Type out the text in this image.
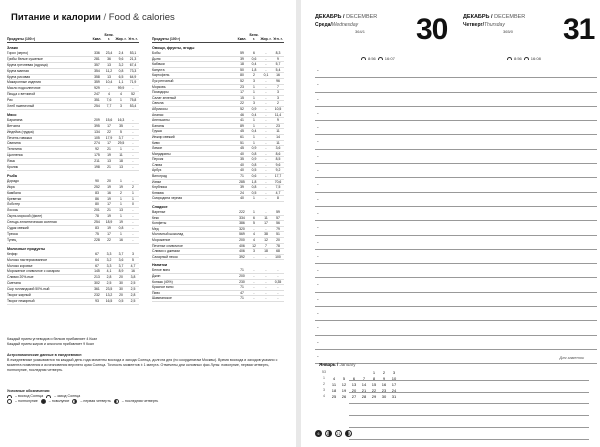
Питание и калории / Food & calories
Продукты (100 г)	Ккал.
Белк. г.	Жир. г. Угл. г.
Злаки
Горох (зерно)	336	23,4	2,4	53,1
Грибы белые сушеные	281	36	9,6	21,3
Крупа гречневая (ядрица)	357	13	3,2	67,4
Крупа манная	354	11,2	0,8	73,3
Крупа рисовая	358	13	6,5	64,9
Макаронные изделия	359	10,4	1,1	71,9
Масло подсолнечное	929	-	99,9	-
Пицца с ветчиной	247	4	4	52
Рис	351	7,6	1	75,8
Хлеб пшеничный	254	7,7	3	53,4
Мясо
Баранина	209	15,6	16,3	-
Ветчина	395	17	35	-
Индейка (грудка)	134	22	5	-
Печень говяжья	105	17,9	3,7	-
Свинина	274	17	29,5	-
Телятина	92	21	1	-
Цыпленок	175	19	11	-
Язык	211	13	18	-
Кролик	198	21	13	-
Рыба
Дорадо	90	20	1	-
Икра	252	19	19	2
Камбала	83	16	2	1
Креветки	86	19	1	1
Лобстер	80	17	1	0
Лосось	201	21	13	-
Окунь морской (филе)	78	19	1	-
Сельдь атлантическая соленая	254	18,9	19	-
Судак свежий	83	19	0,8	-
Треска	75	17	1	-
Тунец	228	22	16	-
Молочные продукты
Кефир	67	3,3	3,7	3
Молоко пастеризованное	64	3,2	3,6	5
Молоко коровье	67	3,3	3,7	4,7
Мороженое сливочное с сахаром	145	4,1	8,9	16
Сливки 20%-ные	213	2,8	20	3,8
Сметана	302	2,5	30	2,5
Сыр голландский 50%-ный	361	23,5	30	2,5
Творог жирный	232	13,2	20	2,8
Творог нежирный	93	16,5	0,5	2,5
Продукты (100 г)	Ккал.
Белк. г.	Жир. г. Угл. г.
Овощи, фрукты, ягоды
Бобы	59	6	-	8,3
Дыня	39	0,6	-	9
Кабачки	18	0,4	-	5,7
Капуста	50	1,8	-	5,4
Картофель	80	2	0,1	16
Лук репчатый	52	3	-	96
Морковь	23	1	-	7
Помидоры	17	1	-	3
Салат зеленый	15	1	-	3
Свекла	22	3	-	2
Абрикосы	52	0,9	-	10,5
Ананас	46	0,4	-	11,4
Апельсины	41	1	-	9
Бананы	89	1	-	23
Груша	45	0,4	-	11
Инжир свежий	61	1	-	14
Киви	51	1	-	11
Лимон	45	0,9	-	3,6
Мандарины	40	0,8	-	8,6
Персик	35	0,9	-	8,5
Слива	40	0,8	-	9,6
Арбуз	40	0,5	-	9,2
Виноград	71	0,6	-	17,7
Изюм	285	1,8	-	70,6
Клубника	39	0,8	-	7,5
Клюква	24	0,5	-	4,7
Смородина черная	40	1	-	8
Сладкое
Варенье	222	1	-	59
Кекс	334	6	11	57
Конфеты	386	5	17	56
Мед	320	-	-	79
Молочный шоколад	569	4	38	51
Мороженое	200	4	12	20
Печенье сливочное	406	12	7	78
Сливки с джемом	406	3	18	68
Сахарный песок	392	-	-	100
Напитки
Белое вино	71	-	-	-
Джин	200	-	-	-
Коньяк (40%)	230	-	-	0,35
Красное вино	71	-	-	-
Пиво	47	-	-	-
Шампанское	71	-	-	-
Каждый прием углеводов и белков прибавляет 4 Ккал
Каждый прием жиров и алкоголя прибавляет 9 Ккал
Астрономические данные в ежедневнике:
В ежедневнике указываются на каждый день года моменты восхода и захода Солнца, долгота дня (по координатам Москвы). Время восхода и заходов указано с момента появления и исчезновения верхнего края Солнца. Точность моментов ± 1 минута. Отмечены дни основных фаз Луны: новолуние, первая четверть, полнолуние, последняя четверть.
Условные обозначения:
– восход Солнца	– заход Солнца
– полнолуние	– новолуние	– первая четверть	– последняя четверть
ДЕКАБРЬ / DECEMBER
Среда/Wednesday
364/1	30
8:56 16:07
ДЕКАБРЬ / DECEMBER
Четверг/Thursday
365/0	31
8:56 16:08
-
-
-
-
-
-
-
-
-
-
-
-
-
-
-
-
-
-
-
-
-	Для заметок
Январь / January
53					1	2	3
1	4	5	6	7	8	9	10
2	11	12	13	14	15	16	17
3	18	19	20	21	22	23	24
4	25	26	27	28	29	30	31
6	13	21	28
